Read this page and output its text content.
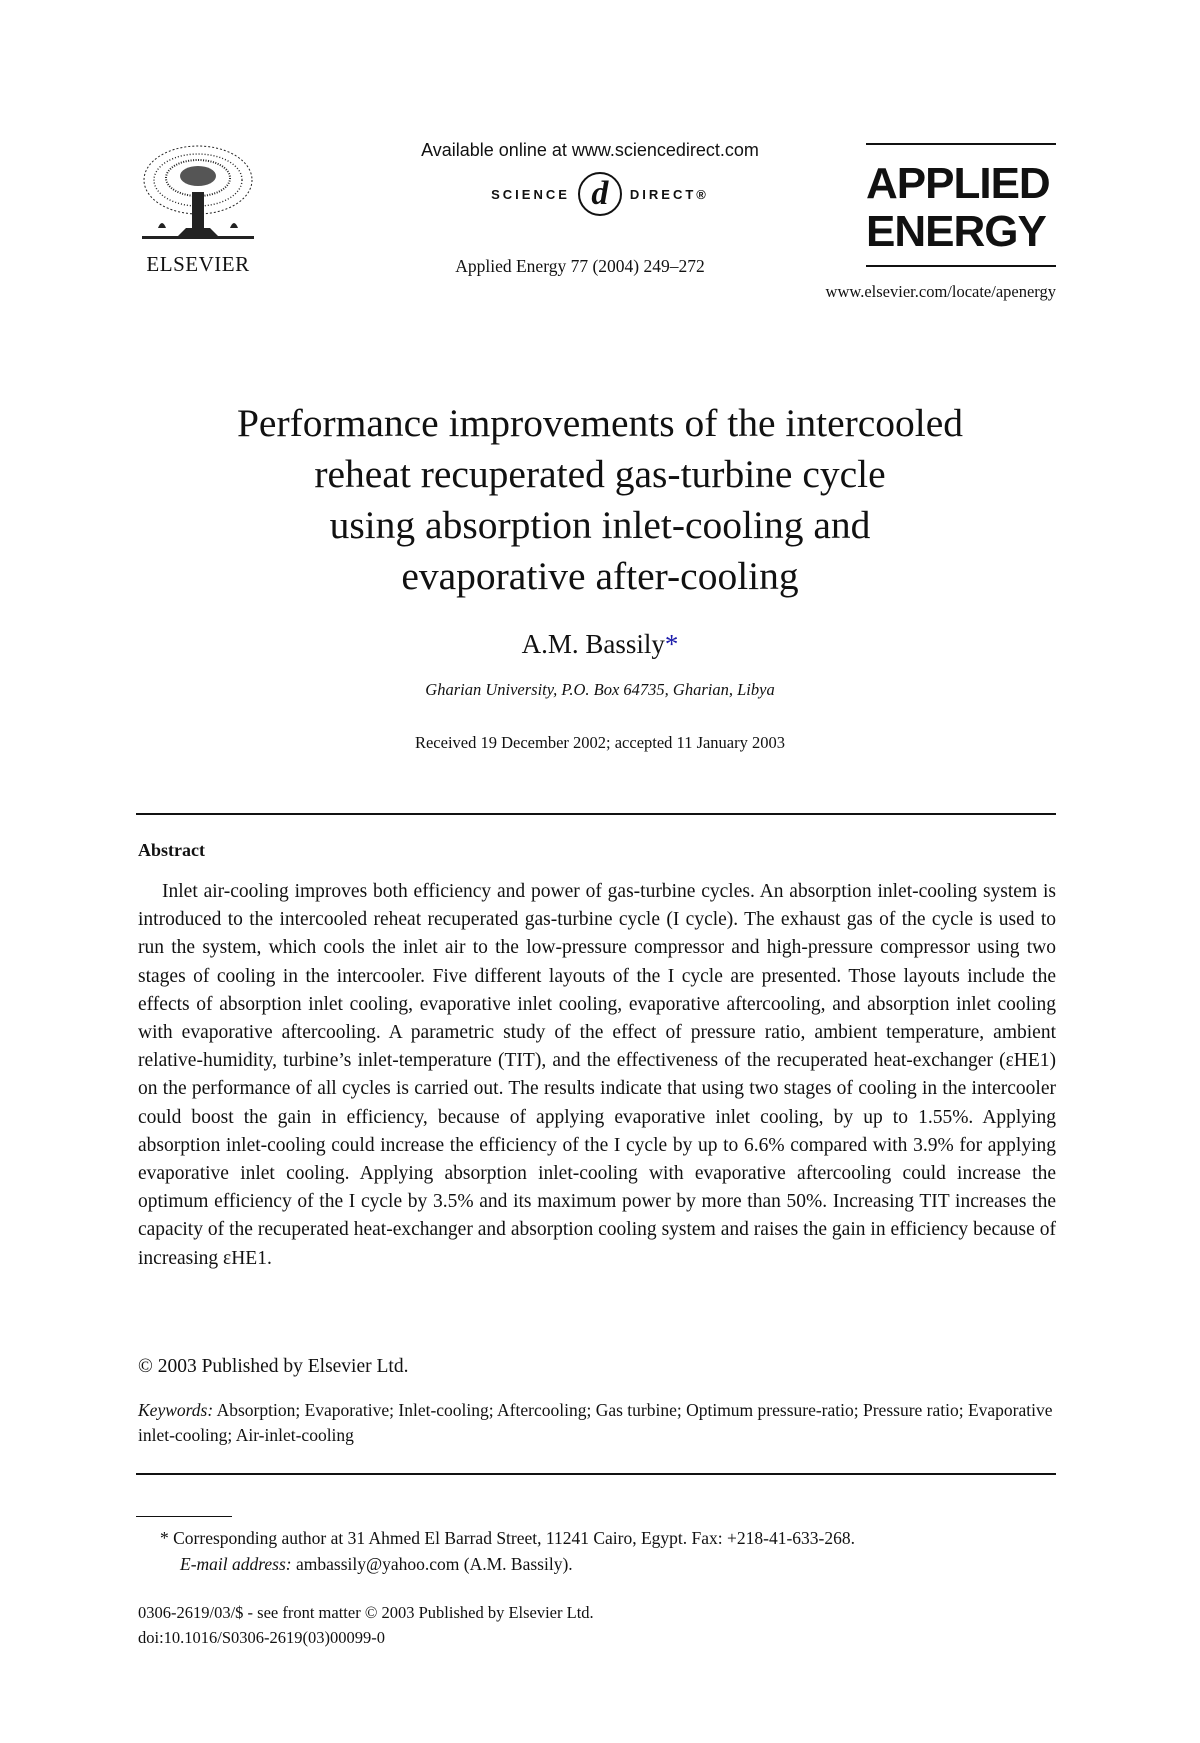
ELSEVIER
Available online at www.sciencedirect.com
SCIENCE d	DIRECT®
Applied Energy 77 (2004) 249–272
APPLIED
ENERGY
www.elsevier.com/locate/apenergy
Performance improvements of the intercooled
reheat recuperated gas-turbine cycle
using absorption inlet-cooling and
evaporative after-cooling
A.M. Bassily*
Gharian University, P.O. Box 64735, Gharian, Libya
Received 19 December 2002; accepted 11 January 2003
Abstract

Inlet air-cooling improves both efficiency and power of gas-turbine cycles. An absorption inlet-cooling system is introduced to the intercooled reheat recuperated gas-turbine cycle (I cycle). The exhaust gas of the cycle is used to run the system, which cools the inlet air to the low-pressure compressor and high-pressure compressor using two stages of cooling in the intercooler. Five different layouts of the I cycle are presented. Those layouts include the effects of absorption inlet cooling, evaporative inlet cooling, evaporative aftercooling, and absorption inlet cooling with evaporative aftercooling. A parametric study of the effect of pressure ratio, ambient temperature, ambient relative-humidity, turbine’s inlet-temperature (TIT), and the effectiveness of the recuperated heat-exchanger (εHE1) on the performance of all cycles is carried out. The results indicate that using two stages of cooling in the intercooler could boost the gain in efficiency, because of applying evaporative inlet cooling, by up to 1.55%. Applying absorption inlet-cooling could increase the efficiency of the I cycle by up to 6.6% compared with 3.9% for applying evaporative inlet cooling. Applying absorption inlet-cooling with evaporative aftercooling could increase the optimum efficiency of the I cycle by 3.5% and its maximum power by more than 50%. Increasing TIT increases the capacity of the recuperated heat-exchanger and absorption cooling system and raises the gain in efficiency because of increasing εHE1.

© 2003 Published by Elsevier Ltd.
Keywords: Absorption; Evaporative; Inlet-cooling; Aftercooling; Gas turbine; Optimum pressure-ratio; Pressure ratio; Evaporative inlet-cooling; Air-inlet-cooling
* Corresponding author at 31 Ahmed El Barrad Street, 11241 Cairo, Egypt. Fax: +218-41-633-268.
E-mail address: ambassily@yahoo.com (A.M. Bassily).
0306-2619/03/$ - see front matter © 2003 Published by Elsevier Ltd.
doi:10.1016/S0306-2619(03)00099-0
